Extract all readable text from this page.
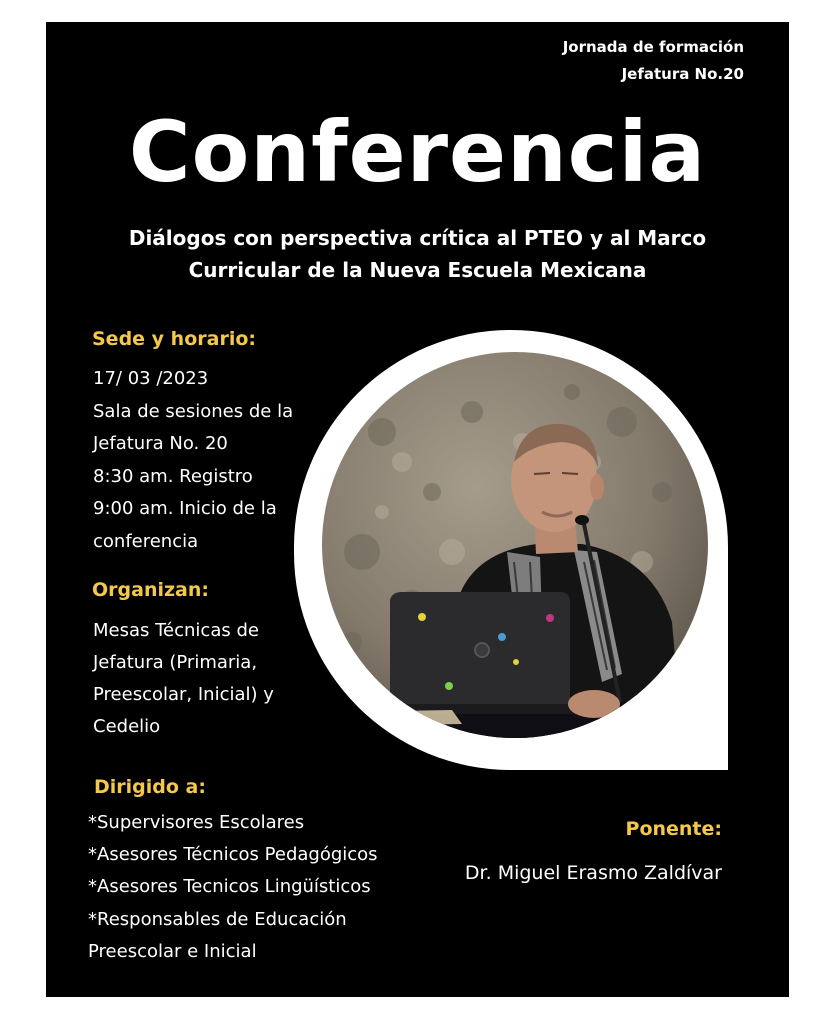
Jornada de formación
Jefatura No.20
Conferencia
Diálogos con perspectiva crítica al PTEO y al Marco
Curricular de la Nueva Escuela Mexicana
Sede y horario:
17/ 03 /2023
Sala de sesiones de la
Jefatura No. 20
8:30 am. Registro
9:00 am. Inicio de la
conferencia
Organizan:
Mesas Técnicas de
Jefatura (Primaria,
Preescolar, Inicial) y
Cedelio
Dirigido a:
*Supervisores Escolares
*Asesores Técnicos Pedagógicos
*Asesores Tecnicos Lingüísticos
*Responsables de Educación
Preescolar e Inicial
Ponente:
Dr. Miguel Erasmo Zaldívar
